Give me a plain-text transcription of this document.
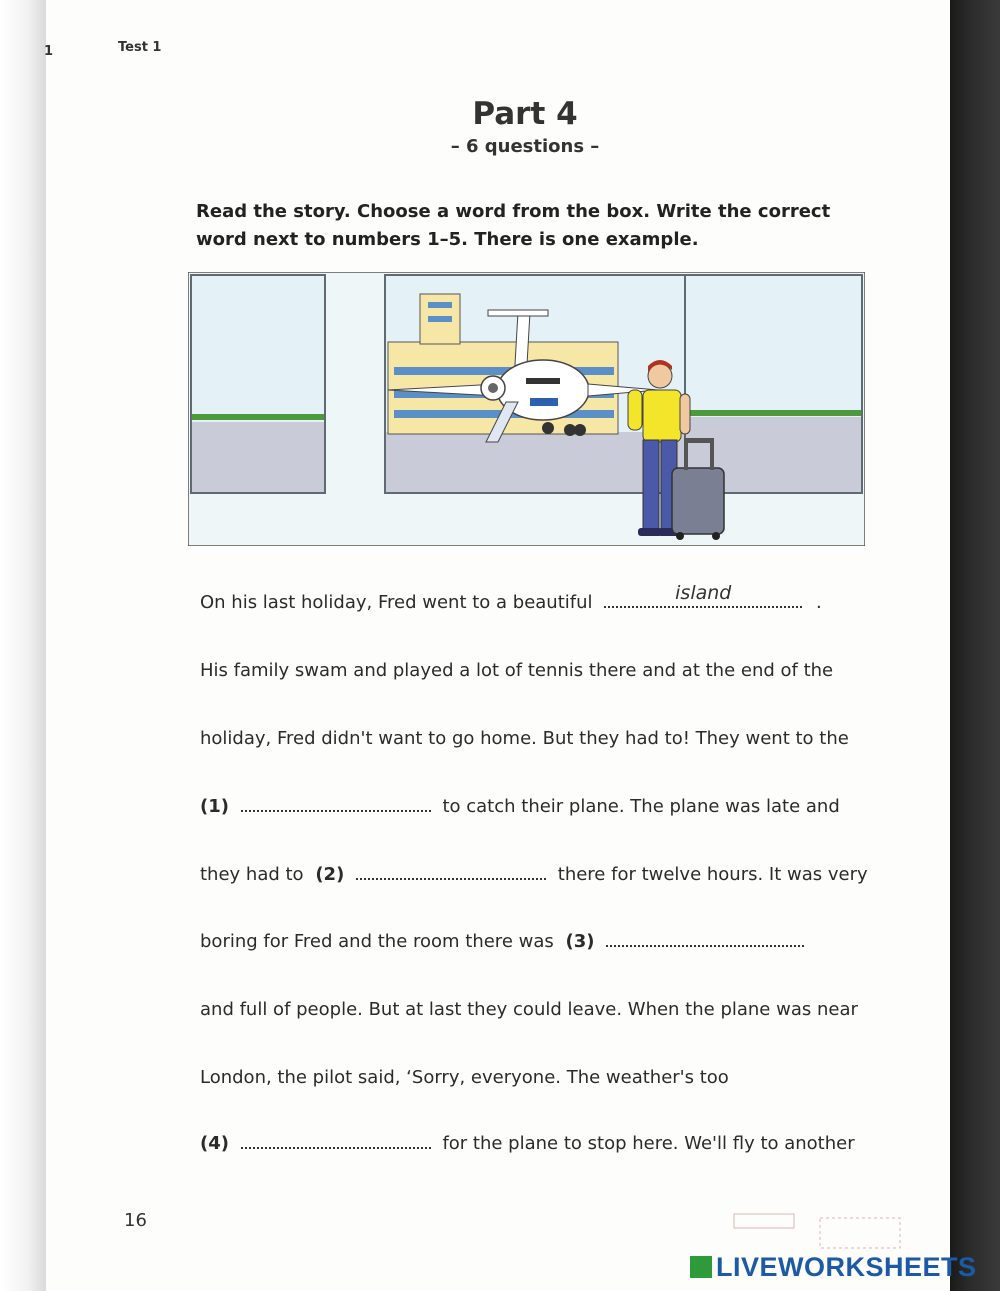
1	Test 1
Part 4
– 6 questions –
Read the story. Choose a word from the box. Write the correct word next to numbers 1–5. There is one example.
On his last holiday, Fred went to a beautiful	island	.
His family swam and played a lot of tennis there and at the end of the
holiday, Fred didn't want to go home. But they had to! They went to the
(1)	to catch their plane. The plane was late and
they had to (2)	there for twelve hours. It was very
boring for Fred and the room there was (3)
and full of people. But at last they could leave. When the plane was near
London, the pilot said, ‘Sorry, everyone. The weather's too
(4)	for the plane to stop here. We'll fly to another
16
LIVEWORKSHEETS
